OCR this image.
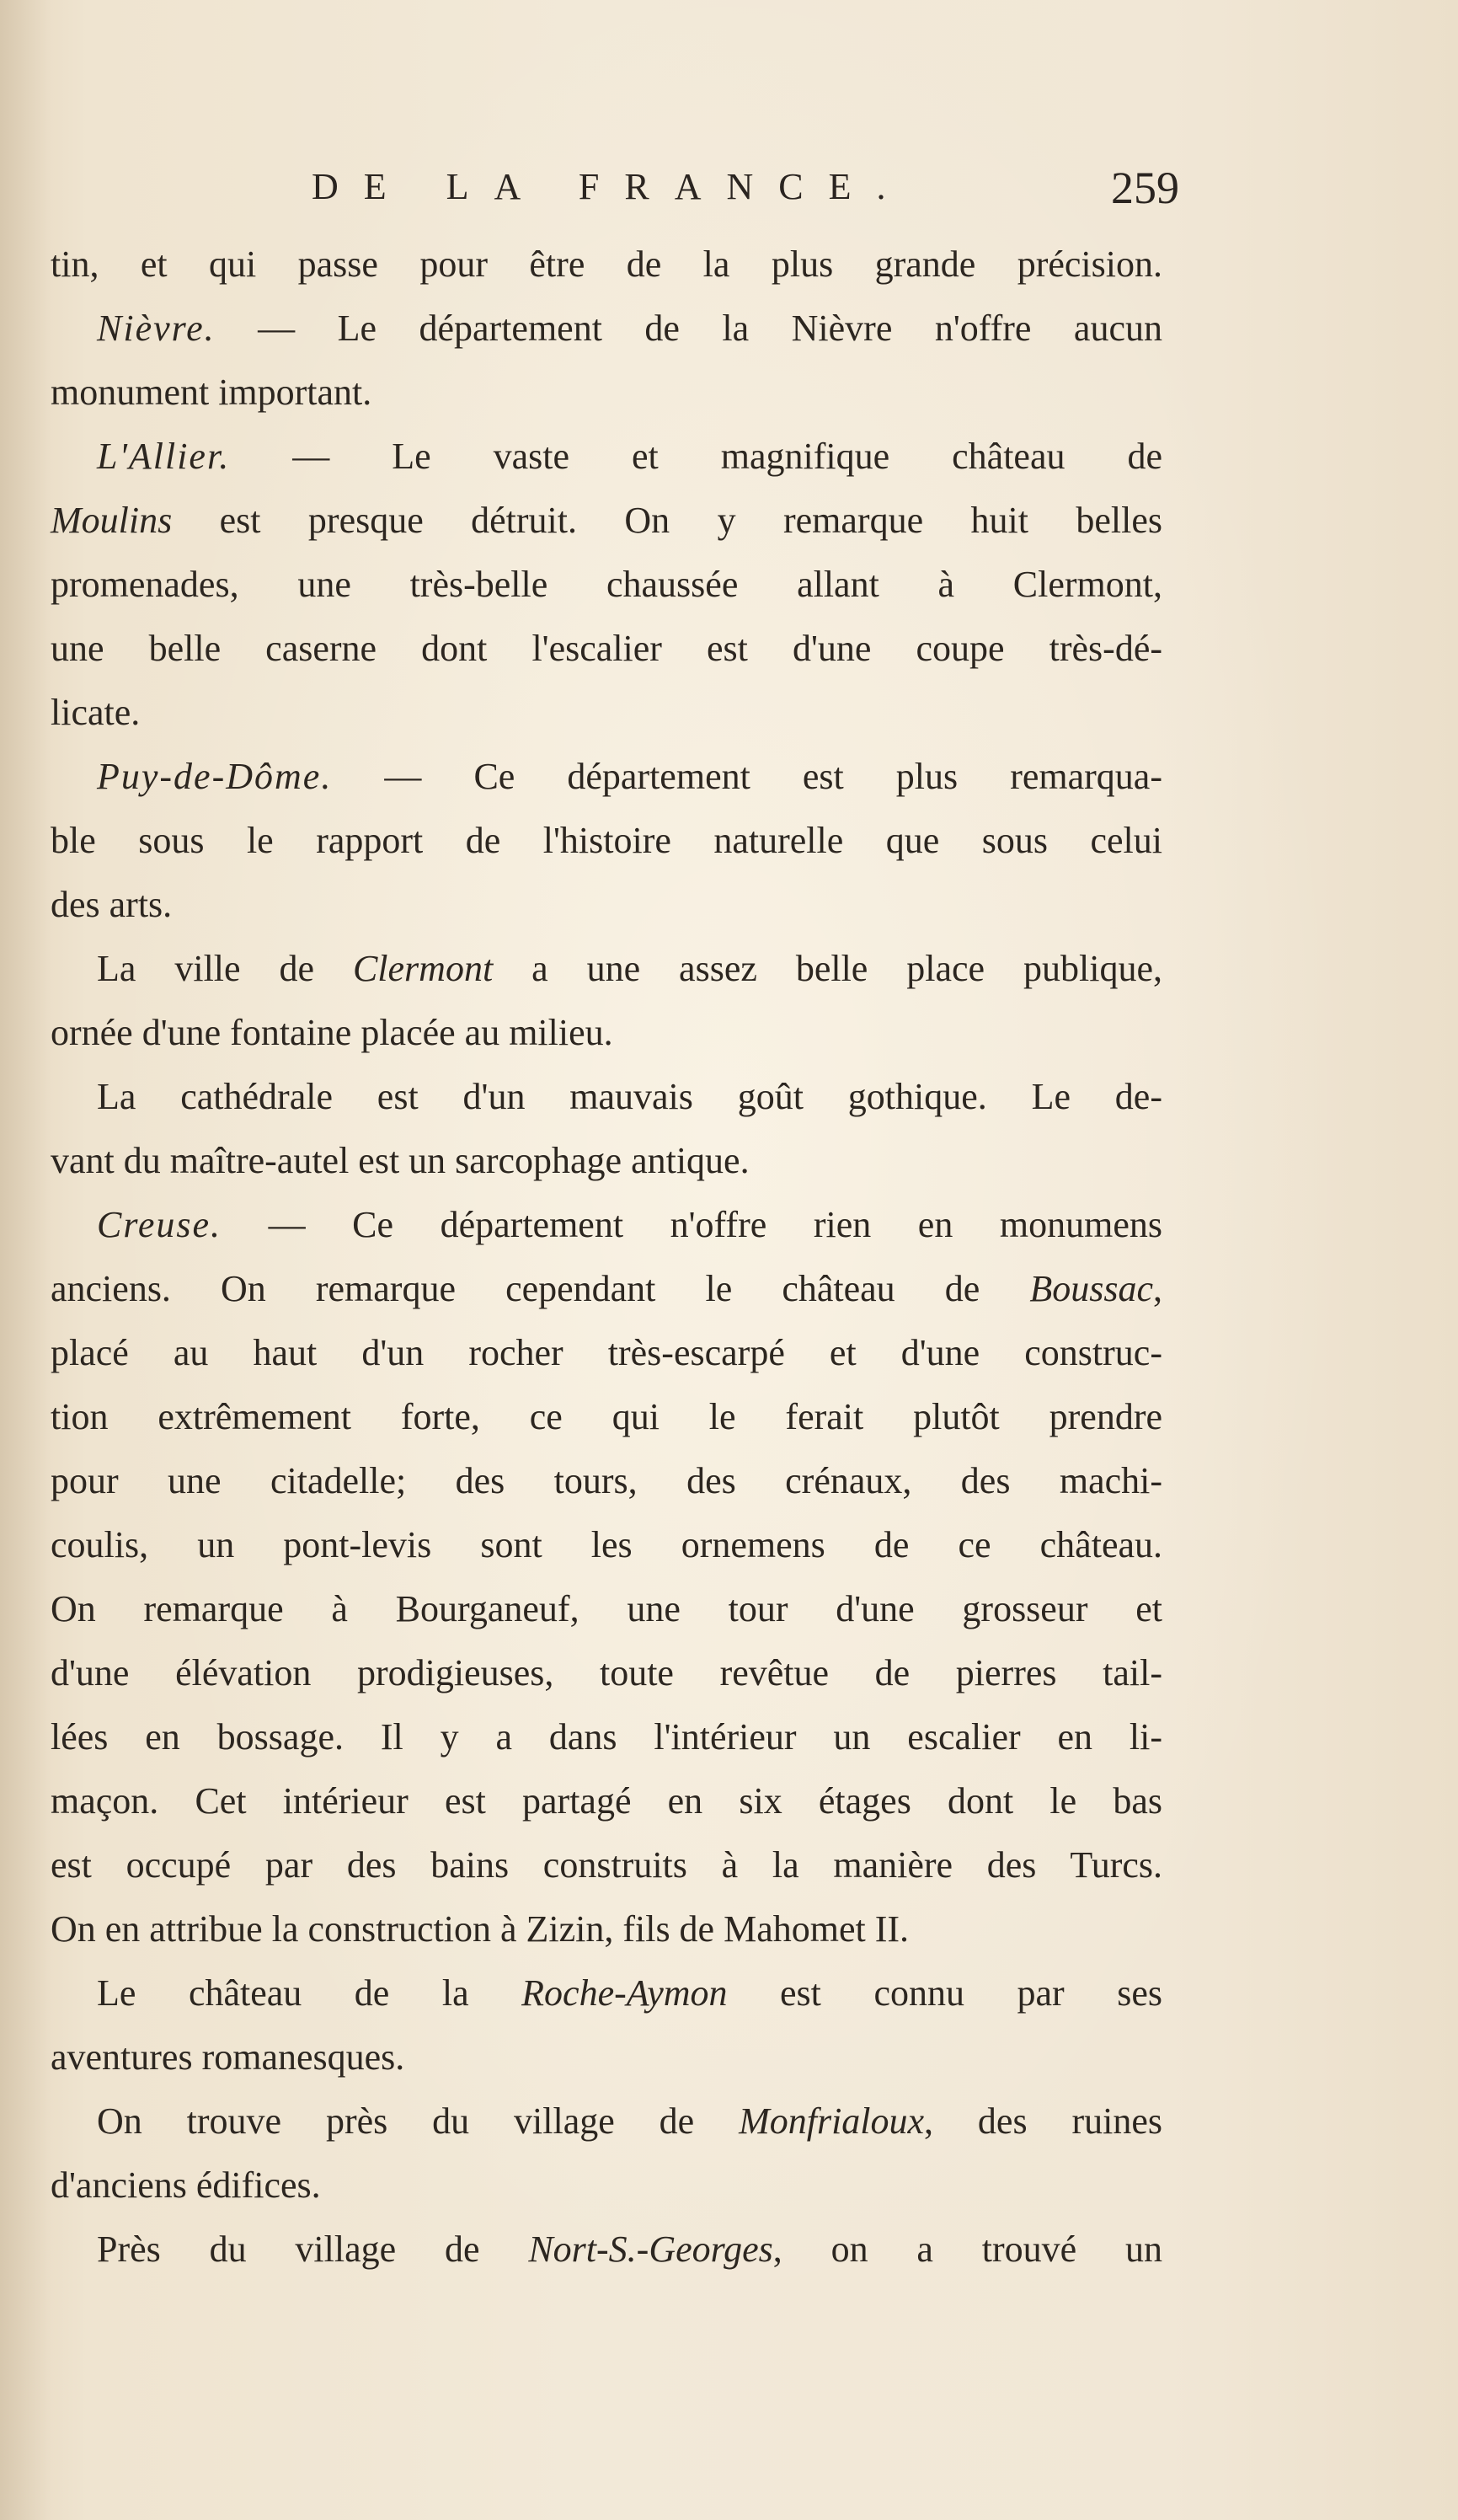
DE LA FRANCE.	259
tin, et qui passe pour être de la plus grande précision.
Nièvre. — Le département de la Nièvre n'offre aucun
monument important.
L'Allier. — Le vaste et magnifique château de
Moulins est presque détruit. On y remarque huit belles
promenades, une très-belle chaussée allant à Clermont,
une belle caserne dont l'escalier est d'une coupe très-dé-
licate.
Puy-de-Dôme. — Ce département est plus remarqua-
ble sous le rapport de l'histoire naturelle que sous celui
des arts.
La ville de Clermont a une assez belle place publique,
ornée d'une fontaine placée au milieu.
La cathédrale est d'un mauvais goût gothique. Le de-
vant du maître-autel est un sarcophage antique.
Creuse. — Ce département n'offre rien en monumens
anciens. On remarque cependant le château de Boussac,
placé au haut d'un rocher très-escarpé et d'une construc-
tion extrêmement forte, ce qui le ferait plutôt prendre
pour une citadelle; des tours, des crénaux, des machi-
coulis, un pont-levis sont les ornemens de ce château.
On remarque à Bourganeuf, une tour d'une grosseur et
d'une élévation prodigieuses, toute revêtue de pierres tail-
lées en bossage. Il y a dans l'intérieur un escalier en li-
maçon. Cet intérieur est partagé en six étages dont le bas
est occupé par des bains construits à la manière des Turcs.
On en attribue la construction à Zizin, fils de Mahomet II.
Le château de la Roche-Aymon est connu par ses
aventures romanesques.
On trouve près du village de Monfrialoux, des ruines
d'anciens édifices.
Près du village de Nort-S.-Georges, on a trouvé un
